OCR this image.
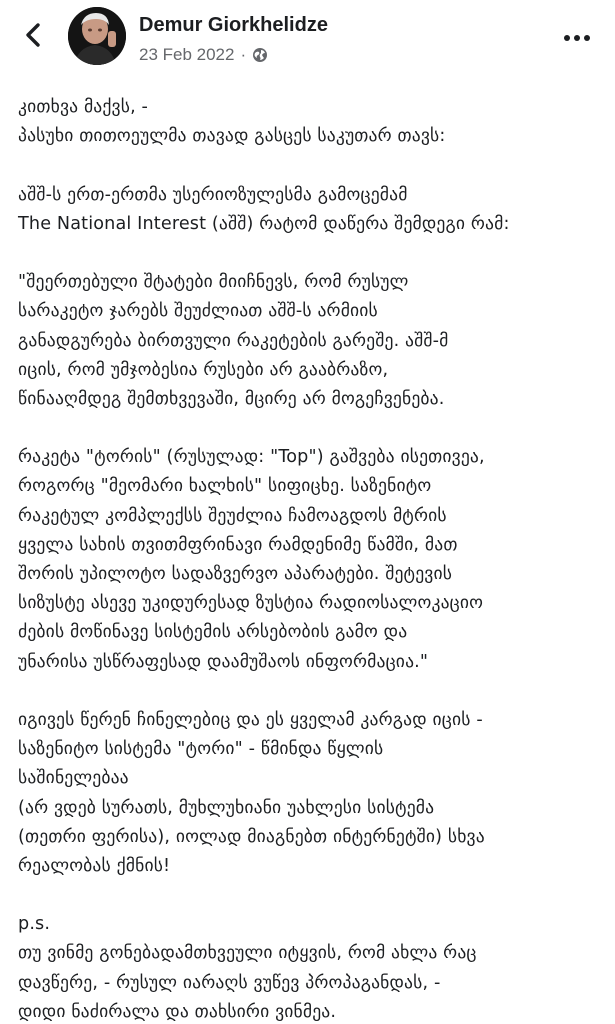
Demur Giorkhelidze
23 Feb 2022 ·
კითხვა მაქვს, -
პასუხი თითოეულმა თავად გასცეს საკუთარ თავს:
აშშ-ს ერთ-ერთმა უსერიოზულესმა გამოცემამ
The National Interest (აშშ) რატომ დაწერა შემდეგი რამ:
"შეერთებული შტატები მიიჩნევს, რომ რუსულ
სარაკეტო ჯარებს შეუძლიათ აშშ-ს არმიის
განადგურება ბირთვული რაკეტების გარეშე. აშშ-მ
იცის, რომ უმჯობესია რუსები არ გააბრაზო,
წინააღმდეგ შემთხვევაში, მცირე არ მოგეჩვენება.
რაკეტა "ტორის" (რუსულად: "Top") გაშვება ისეთივეა,
როგორც "მეომარი ხალხის" სიფიცხე. საზენიტო
რაკეტულ კომპლექსს შეუძლია ჩამოაგდოს მტრის
ყველა სახის თვითმფრინავი რამდენიმე წამში, მათ
შორის უპილოტო სადაზვერვო აპარატები. შეტევის
სიზუსტე ასევე უკიდურესად ზუსტია რადიოსალოკაციო
ძების მოწინავე სისტემის არსებობის გამო და
უნარისა უსწრაფესად დაამუშაოს ინფორმაცია."
იგივეს წერენ ჩინელებიც და ეს ყველამ კარგად იცის -
საზენიტო სისტემა "ტორი" - წმინდა წყლის
საშინელებაა
(არ ვდებ სურათს, მუხლუხიანი უახლესი სისტემა
(თეთრი ფერისა), იოლად მიაგნებთ ინტერნეტში) სხვა
რეალობას ქმნის!
p.s.
თუ ვინმე გონებადამთხვეული იტყვის, რომ ახლა რაც
დავწერე, - რუსულ იარაღს ვუწევ პროპაგანდას, -
დიდი ნაძირალა და თახსირი ვინმეა.
